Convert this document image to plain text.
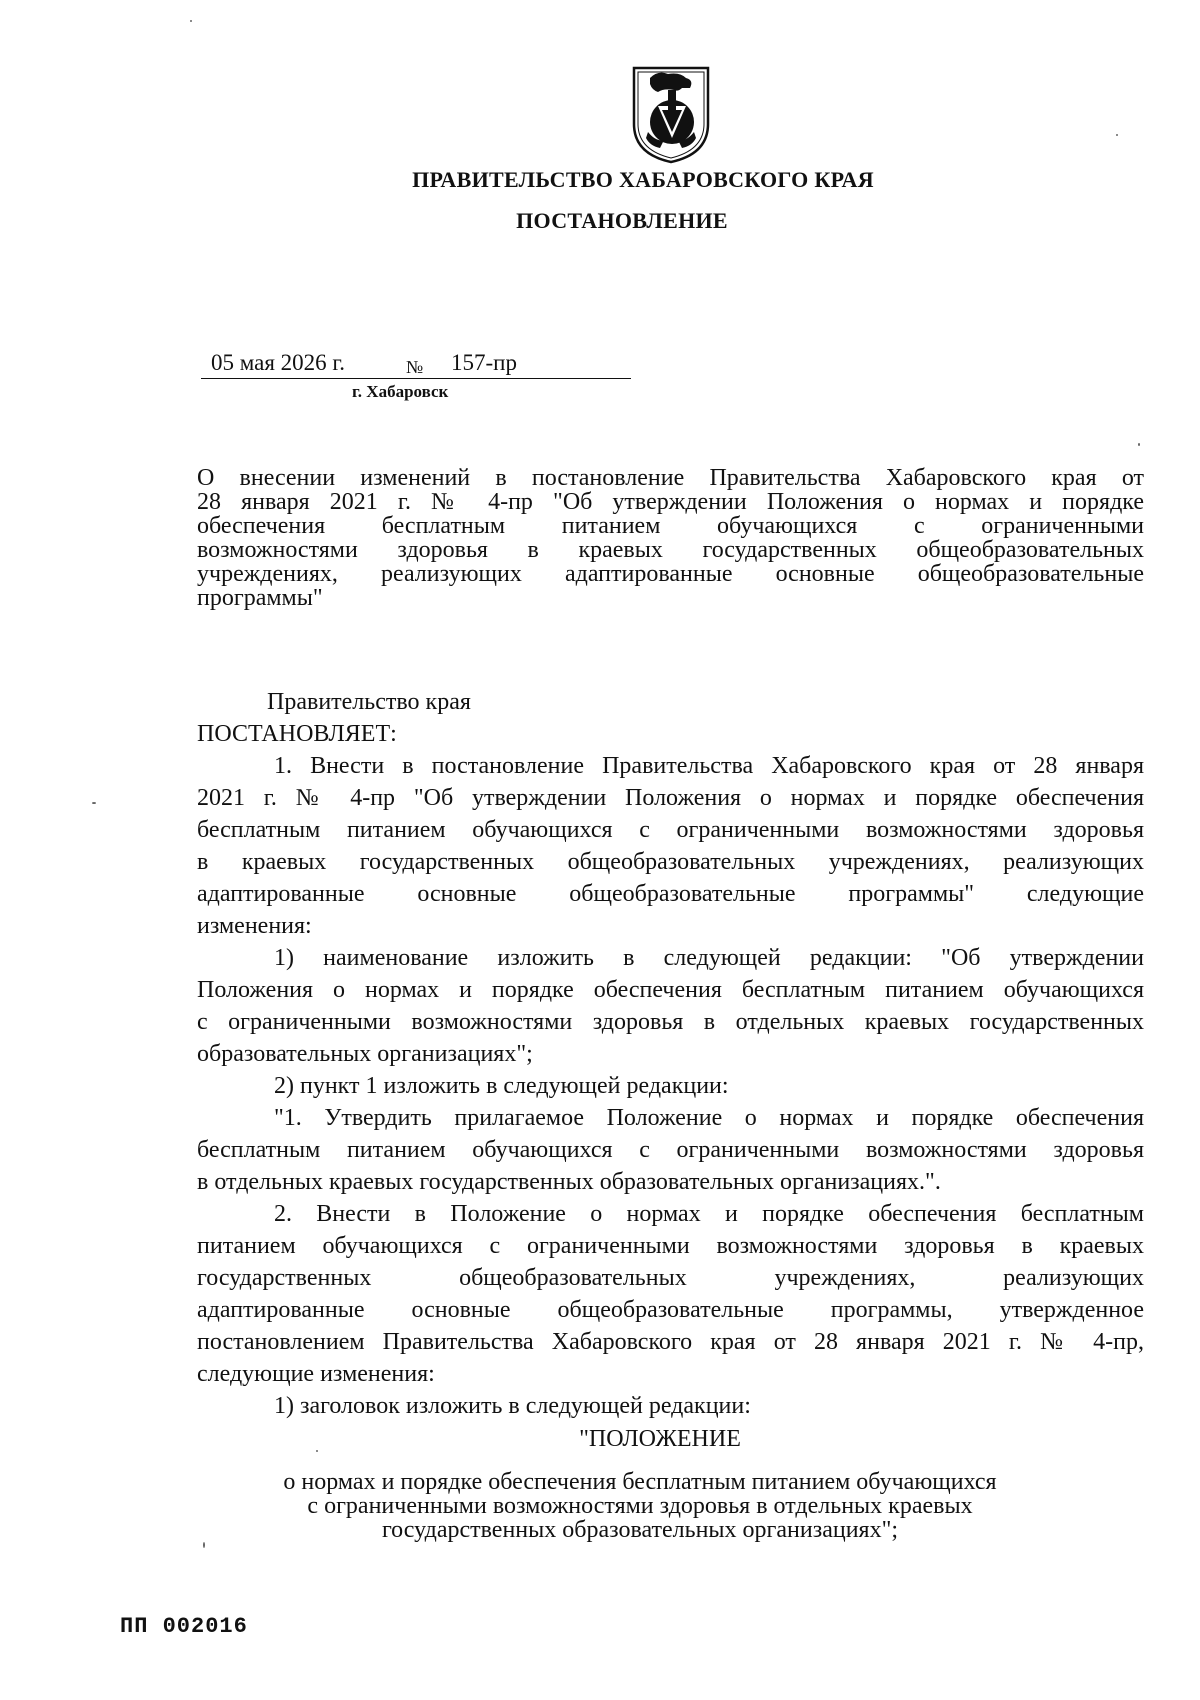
ПРАВИТЕЛЬСТВО ХАБАРОВСКОГО КРАЯ
ПОСТАНОВЛЕНИЕ
05 мая 2026 г.	№ 157-пр
г. Хабаровск
О внесении изменений в постановление Правительства Хабаровского края от
28 января 2021 г. № 4-пр "Об утверждении Положения о нормах и порядке
обеспечения бесплатным питанием обучающихся с ограниченными
возможностями здоровья в краевых государственных общеобразовательных
учреждениях, реализующих адаптированные основные общеобразовательные
программы"
Правительство края
ПОСТАНОВЛЯЕТ:
1. Внести в постановление Правительства Хабаровского края от 28 января
2021 г. № 4-пр "Об утверждении Положения о нормах и порядке обеспечения
бесплатным питанием обучающихся с ограниченными возможностями здоровья
в краевых государственных общеобразовательных учреждениях, реализующих
адаптированные основные общеобразовательные программы" следующие
изменения:
1) наименование изложить в следующей редакции: "Об утверждении
Положения о нормах и порядке обеспечения бесплатным питанием обучающихся
с ограниченными возможностями здоровья в отдельных краевых государственных
образовательных организациях";
2) пункт 1 изложить в следующей редакции:
"1. Утвердить прилагаемое Положение о нормах и порядке обеспечения
бесплатным питанием обучающихся с ограниченными возможностями здоровья
в отдельных краевых государственных образовательных организациях.".
2. Внести в Положение о нормах и порядке обеспечения бесплатным
питанием обучающихся с ограниченными возможностями здоровья в краевых
государственных общеобразовательных учреждениях, реализующих
адаптированные основные общеобразовательные программы, утвержденное
постановлением Правительства Хабаровского края от 28 января 2021 г. № 4-пр,
следующие изменения:
1) заголовок изложить в следующей редакции:
"ПОЛОЖЕНИЕ
о нормах и порядке обеспечения бесплатным питанием обучающихся
с ограниченными возможностями здоровья в отдельных краевых
государственных образовательных организациях";
ПП 002016
